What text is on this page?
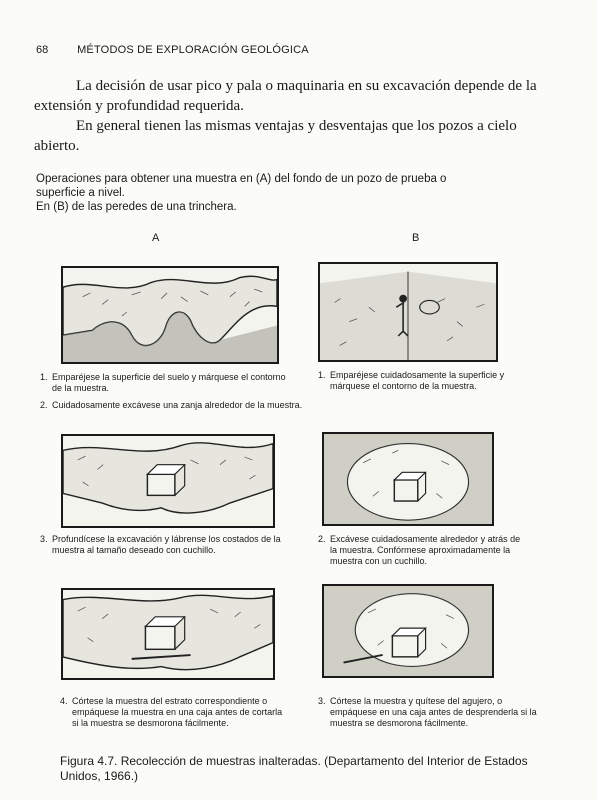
68	MÉTODOS DE EXPLORACIÓN GEOLÓGICA
La decisión de usar pico y pala o maquinaria en su excavación depende de la
extensión y profundidad requerida.
En general tienen las mismas ventajas y desventajas que los pozos a cielo
abierto.
Operaciones para obtener una muestra en (A) del fondo de un pozo de prueba o
superficie a nivel.
En (B) de las peredes de una trinchera.
A	B
1. Emparéjese la superficie del suelo y márquese el contorno de la muestra.
2. Cuidadosamente excávese una zanja alrededor de la muestra.
3. Profundícese la excavación y lábrense los costados de la muestra al tamaño deseado con cuchillo.
4. Córtese la muestra del estrato correspondiente o empáquese la muestra en una caja antes de cortarla si la muestra se desmorona fácilmente.
1. Emparéjese cuidadosamente la superficie y márquese el contorno de la muestra.
2. Excávese cuidadosamente alrededor y atrás de la muestra. Confórmese aproximadamente la muestra con un cuchillo.
3. Córtese la muestra y quítese del agujero, o empáquese en una caja antes de desprenderla si la muestra se desmorona fácilmente.
Figura 4.7. Recolección de muestras inalteradas. (Departamento del Interior de Estados
Unidos, 1966.)
